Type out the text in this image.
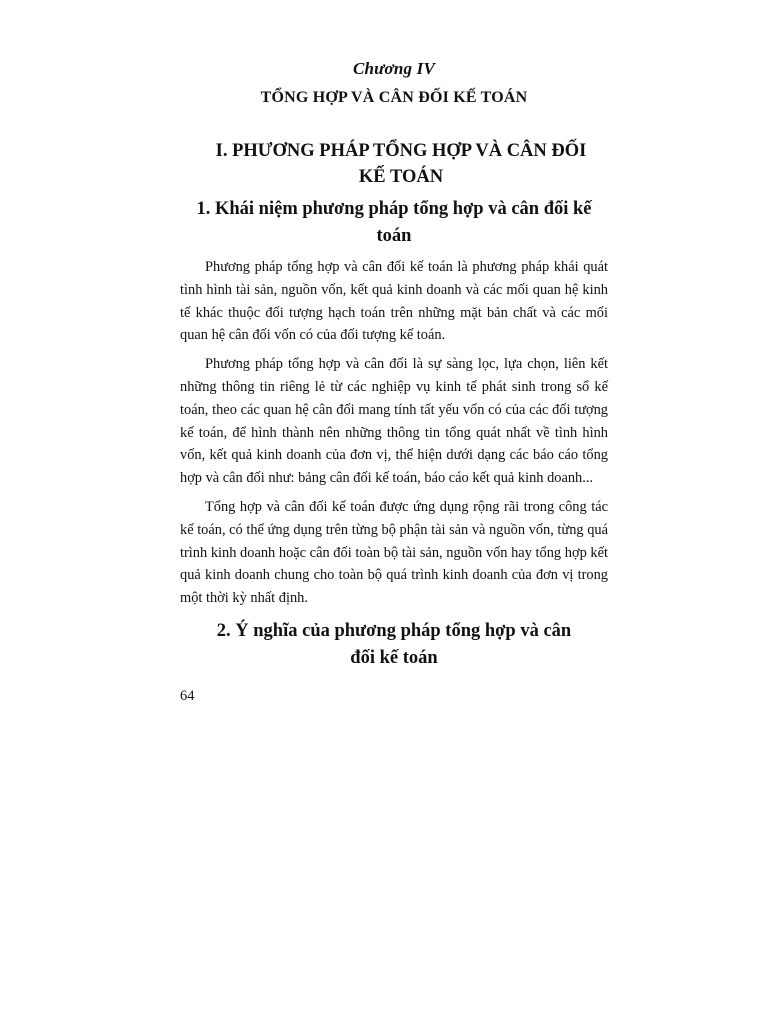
Chương IV
TỔNG HỢP VÀ CÂN ĐỐI KẾ TOÁN
I. PHƯƠNG PHÁP TỔNG HỢP VÀ CÂN ĐỐI KẾ TOÁN
1. Khái niệm phương pháp tổng hợp và cân đối kế toán

Phương pháp tổng hợp và cân đối kế toán là phương pháp khái quát tình hình tài sản, nguồn vốn, kết quả kinh doanh và các mối quan hệ kinh tế khác thuộc đối tượng hạch toán trên những mặt bản chất và các mối quan hệ cân đối vốn có của đối tượng kế toán.

Phương pháp tổng hợp và cân đối là sự sàng lọc, lựa chọn, liên kết những thông tin riêng lẻ từ các nghiệp vụ kinh tế phát sinh trong sổ kế toán, theo các quan hệ cân đối mang tính tất yếu vốn có của các đối tượng kế toán, để hình thành nên những thông tin tổng quát nhất về tình hình vốn, kết quả kinh doanh của đơn vị, thể hiện dưới dạng các báo cáo tổng hợp và cân đối như: bảng cân đối kế toán, báo cáo kết quả kinh doanh...

Tổng hợp và cân đối kế toán được ứng dụng rộng rãi trong công tác kế toán, có thể ứng dụng trên từng bộ phận tài sản và nguồn vốn, từng quá trình kinh doanh hoặc cân đối toàn bộ tài sản, nguồn vốn hay tổng hợp kết quả kinh doanh chung cho toàn bộ quá trình kinh doanh của đơn vị trong một thời kỳ nhất định.

2. Ý nghĩa của phương pháp tổng hợp và cân đối kế toán
64
